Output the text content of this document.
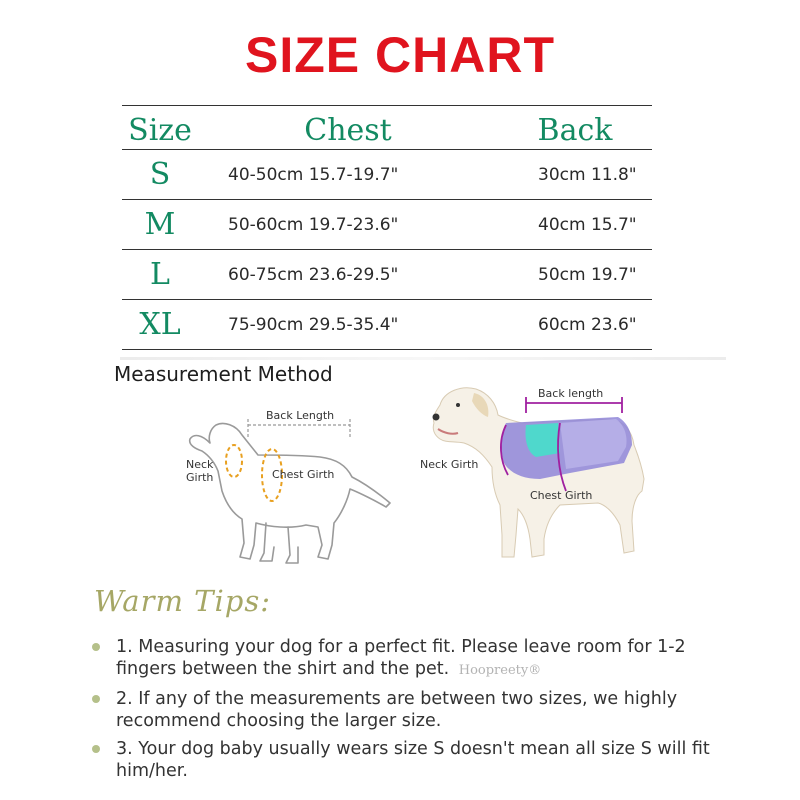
SIZE CHART
Size	Chest	Back
S	40-50cm 15.7-19.7"	30cm 11.8"
M	50-60cm 19.7-23.6"	40cm 15.7"
L	60-75cm 23.6-29.5"	50cm 19.7"
XL	75-90cm 29.5-35.4"	60cm 23.6"
Measurement Method
Back Length
Neck
Girth	Chest Girth
Back length
Neck Girth
Chest Girth
Warm Tips:
1. Measuring your dog for a perfect fit. Please leave room for 1-2 fingers between the shirt and the pet. Hoopreety®
2. If any of the measurements are between two sizes, we highly recommend choosing the larger size.
3. Your dog baby usually wears size S doesn't mean all size S will fit him/her.
